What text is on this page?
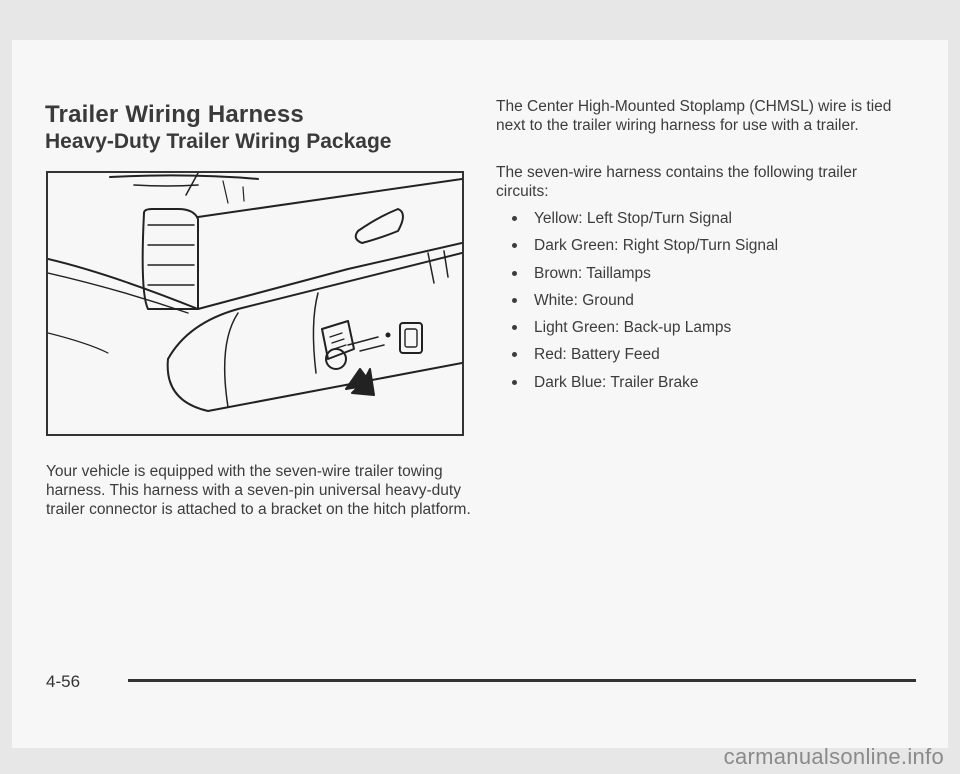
Trailer Wiring Harness
Heavy-Duty Trailer Wiring Package

Your vehicle is equipped with the seven-wire trailer towing harness. This harness with a seven-pin universal heavy-duty trailer connector is attached to a bracket on the hitch platform.

The Center High-Mounted Stoplamp (CHMSL) wire is tied next to the trailer wiring harness for use with a trailer.

The seven-wire harness contains the following trailer circuits:

Yellow: Left Stop/Turn Signal
Dark Green: Right Stop/Turn Signal
Brown: Taillamps
White: Ground
Light Green: Back-up Lamps
Red: Battery Feed
Dark Blue: Trailer Brake
4-56
carmanualsonline.info
